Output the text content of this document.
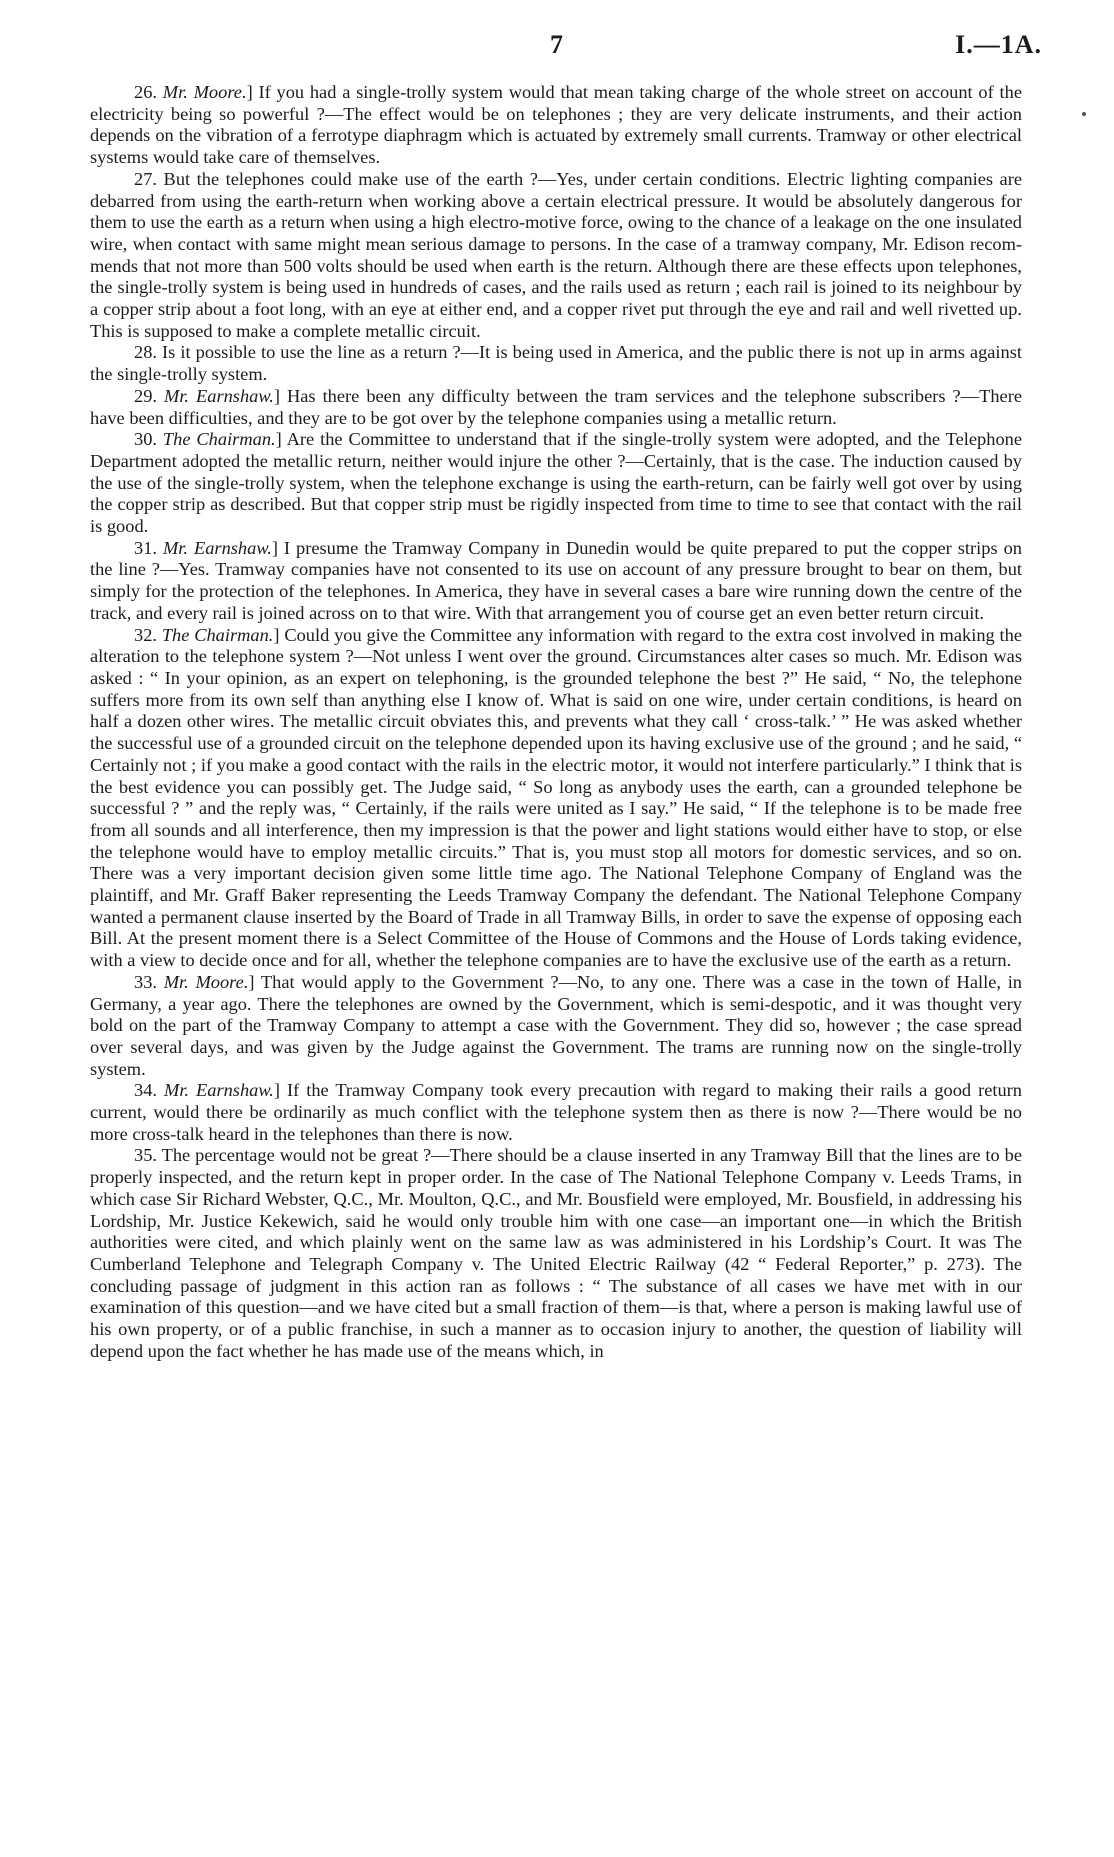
7	I.—1A.

26. Mr. Moore.] If you had a single-trolly system would that mean taking charge of the whole street on account of the electricity being so powerful ?—The effect would be on telephones ; they are very delicate instruments, and their action depends on the vibration of a ferrotype diaphragm which is actuated by extremely small currents. Tramway or other electrical systems would take care of themselves.

27. But the telephones could make use of the earth ?—Yes, under certain conditions. Electric lighting companies are debarred from using the earth-return when working above a certain electrical pressure. It would be absolutely dangerous for them to use the earth as a return when using a high electro-motive force, owing to the chance of a leakage on the one insulated wire, when contact with same might mean serious damage to persons. In the case of a tramway company, Mr. Edison recommends that not more than 500 volts should be used when earth is the return. Although there are these effects upon telephones, the single-trolly system is being used in hundreds of cases, and the rails used as return ; each rail is joined to its neighbour by a copper strip about a foot long, with an eye at either end, and a copper rivet put through the eye and rail and well rivetted up. This is supposed to make a complete metallic circuit.

28. Is it possible to use the line as a return ?—It is being used in America, and the public there is not up in arms against the single-trolly system.

29. Mr. Earnshaw.] Has there been any difficulty between the tram services and the telephone subscribers ?—There have been difficulties, and they are to be got over by the telephone companies using a metallic return.

30. The Chairman.] Are the Committee to understand that if the single-trolly system were adopted, and the Telephone Department adopted the metallic return, neither would injure the other ?—Certainly, that is the case. The induction caused by the use of the single-trolly system, when the telephone exchange is using the earth-return, can be fairly well got over by using the copper strip as described. But that copper strip must be rigidly inspected from time to time to see that contact with the rail is good.

31. Mr. Earnshaw.] I presume the Tramway Company in Dunedin would be quite prepared to put the copper strips on the line ?—Yes. Tramway companies have not consented to its use on account of any pressure brought to bear on them, but simply for the protection of the telephones. In America, they have in several cases a bare wire running down the centre of the track, and every rail is joined across on to that wire. With that arrangement you of course get an even better return circuit.

32. The Chairman.] Could you give the Committee any information with regard to the extra cost involved in making the alteration to the telephone system ?—Not unless I went over the ground. Circumstances alter cases so much. Mr. Edison was asked : “ In your opinion, as an expert on telephoning, is the grounded telephone the best ?” He said, “ No, the telephone suffers more from its own self than anything else I know of. What is said on one wire, under certain conditions, is heard on half a dozen other wires. The metallic circuit obviates this, and prevents what they call ‘ cross-talk.’ ” He was asked whether the successful use of a grounded circuit on the telephone depended upon its having exclusive use of the ground ; and he said, “ Certainly not ; if you make a good contact with the rails in the electric motor, it would not interfere particularly.” I think that is the best evidence you can possibly get. The Judge said, “ So long as anybody uses the earth, can a grounded telephone be successful ? ” and the reply was, “ Certainly, if the rails were united as I say.” He said, “ If the telephone is to be made free from all sounds and all interference, then my impression is that the power and light stations would either have to stop, or else the telephone would have to employ metallic circuits.” That is, you must stop all motors for domestic services, and so on. There was a very important decision given some little time ago. The National Telephone Company of England was the plaintiff, and Mr. Graff Baker representing the Leeds Tramway Company the defendant. The National Telephone Company wanted a permanent clause inserted by the Board of Trade in all Tramway Bills, in order to save the expense of opposing each Bill. At the present moment there is a Select Committee of the House of Commons and the House of Lords taking evidence, with a view to decide once and for all, whether the telephone companies are to have the exclusive use of the earth as a return.

33. Mr. Moore.] That would apply to the Government ?—No, to any one. There was a case in the town of Halle, in Germany, a year ago. There the telephones are owned by the Government, which is semi-despotic, and it was thought very bold on the part of the Tramway Company to attempt a case with the Government. They did so, however ; the case spread over several days, and was given by the Judge against the Government. The trams are running now on the single-trolly system.

34. Mr. Earnshaw.] If the Tramway Company took every precaution with regard to making their rails a good return current, would there be ordinarily as much conflict with the telephone system then as there is now ?—There would be no more cross-talk heard in the telephones than there is now.

35. The percentage would not be great ?—There should be a clause inserted in any Tramway Bill that the lines are to be properly inspected, and the return kept in proper order. In the case of The National Telephone Company v. Leeds Trams, in which case Sir Richard Webster, Q.C., Mr. Moulton, Q.C., and Mr. Bousfield were employed, Mr. Bousfield, in addressing his Lordship, Mr. Justice Kekewich, said he would only trouble him with one case—an important one—in which the British authorities were cited, and which plainly went on the same law as was administered in his Lordship’s Court. It was The Cumberland Telephone and Telegraph Company v. The United Electric Railway (42 “ Federal Reporter,” p. 273). The concluding passage of judgment in this action ran as follows : “ The substance of all cases we have met with in our examination of this question—and we have cited but a small fraction of them—is that, where a person is making lawful use of his own property, or of a public franchise, in such a manner as to occasion injury to another, the question of liability will depend upon the fact whether he has made use of the means which, in
